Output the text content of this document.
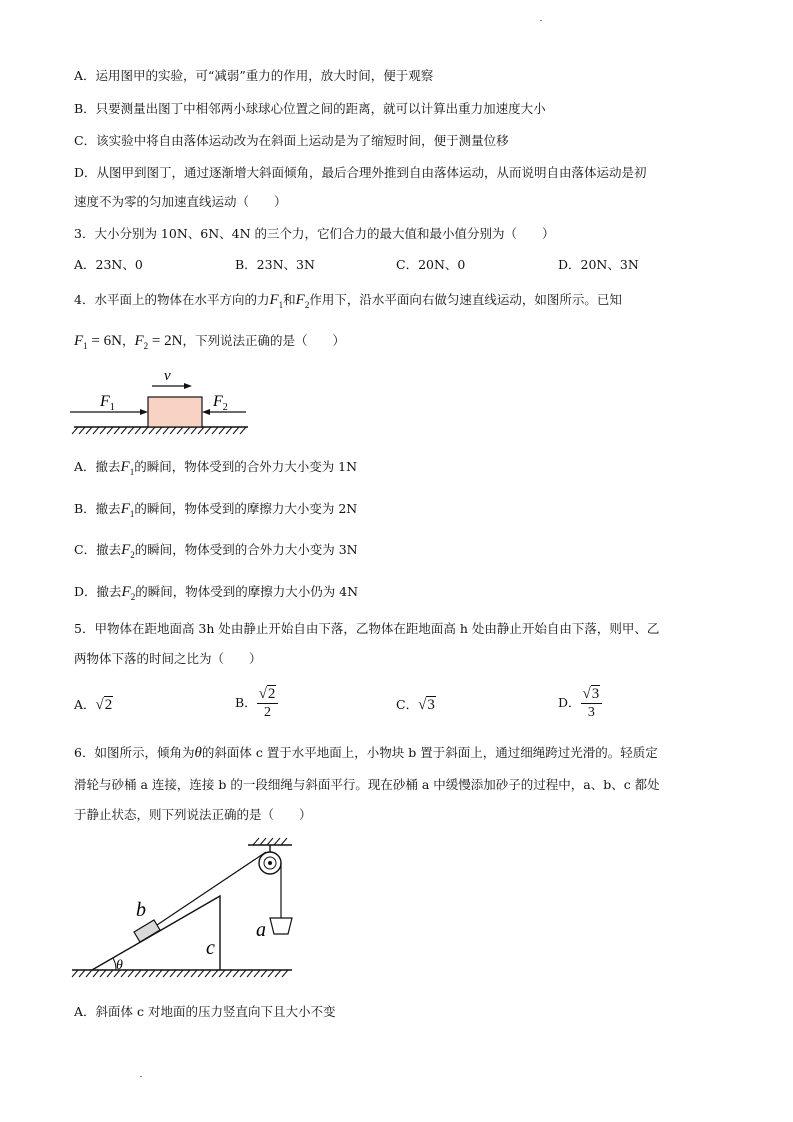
A．运用图甲的实验，可“减弱”重力的作用，放大时间，便于观察
B．只要测量出图丁中相邻两小球球心位置之间的距离，就可以计算出重力加速度大小
C．该实验中将自由落体运动改为在斜面上运动是为了缩短时间，便于测量位移
D．从图甲到图丁，通过逐渐增大斜面倾角，最后合理外推到自由落体运动，从而说明自由落体运动是初
速度不为零的匀加速直线运动（　　）
3．大小分别为 10N、6N、4N 的三个力，它们合力的最大值和最小值分别为（　　）
A．23N、0	B．23N、3N	C．20N、0	D．20N、3N
4．水平面上的物体在水平方向的力$F_1$和$F_2$作用下，沿水平面向右做匀速直线运动，如图所示。已知
$F_1 = 6N$，$F_2 = 2N$，下列说法正确的是（　　）
v
$F_1$	$F_2$
A．撤去$F_1$的瞬间，物体受到的合外力大小变为 1N
B．撤去$F_1$的瞬间，物体受到的摩擦力大小变为 2N
C．撤去$F_2$的瞬间，物体受到的合外力大小变为 3N
D．撤去$F_2$的瞬间，物体受到的摩擦力大小仍为 4N
5．甲物体在距地面高 3h 处由静止开始自由下落，乙物体在距地面高 h 处由静止开始自由下落，则甲、乙
两物体下落的时间之比为（　　）
A．√2	B． $\frac{√2}{2}$	C．√3	D． $\frac{√3}{3}$
6．如图所示，倾角为θ的斜面体 c 置于水平地面上，小物块 b 置于斜面上，通过细绳跨过光滑的。轻质定
滑轮与砂桶 a 连接，连接 b 的一段细绳与斜面平行。现在砂桶 a 中缓慢添加砂子的过程中，a、b、c 都处
于静止状态，则下列说法正确的是（　　）
b
c
a
θ
A．斜面体 c 对地面的压力竖直向下且大小不变
